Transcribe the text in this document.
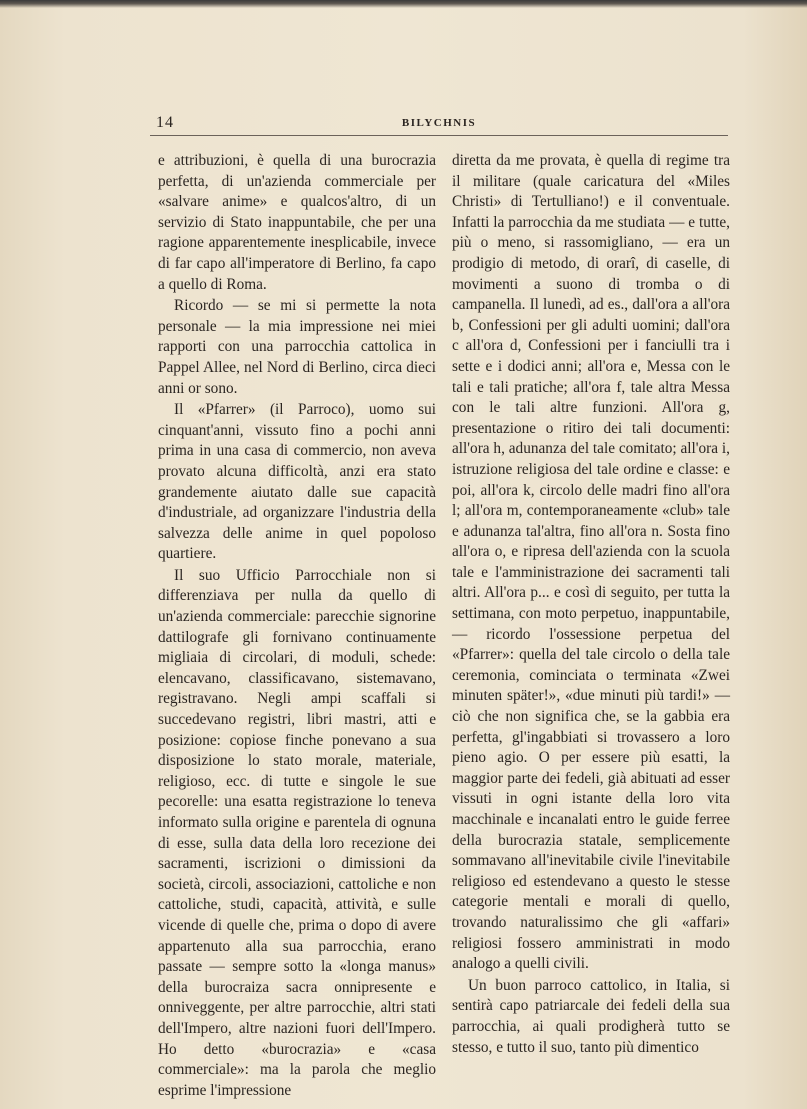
14	BILYCHNIS

e attribuzioni, è quella di una burocrazia perfetta, di un'azienda commerciale per «salvare anime» e qualcos'altro, di un servizio di Stato inappuntabile, che per una ragione apparentemente inesplicabile, invece di far capo all'imperatore di Berlino, fa capo a quello di Roma.

Ricordo — se mi si permette la nota personale — la mia impressione nei miei rapporti con una parrocchia cattolica in Pappel Allee, nel Nord di Berlino, circa dieci anni or sono.

Il «Pfarrer» (il Parroco), uomo sui cinquant'anni, vissuto fino a pochi anni prima in una casa di commercio, non aveva provato alcuna difficoltà, anzi era stato grandemente aiutato dalle sue capacità d'industriale, ad organizzare l'industria della salvezza delle anime in quel popoloso quartiere.

Il suo Ufficio Parrocchiale non si differenziava per nulla da quello di un'azienda commerciale: parecchie signorine dattilografe gli fornivano continuamente migliaia di circolari, di moduli, schede: elencavano, classificavano, sistemavano, registravano. Negli ampi scaffali si succedevano registri, libri mastri, atti e posizione: copiose finche ponevano a sua disposizione lo stato morale, materiale, religioso, ecc. di tutte e singole le sue pecorelle: una esatta registrazione lo teneva informato sulla origine e parentela di ognuna di esse, sulla data della loro recezione dei sacramenti, iscrizioni o dimissioni da società, circoli, associazioni, cattoliche e non cattoliche, studi, capacità, attività, e sulle vicende di quelle che, prima o dopo di avere appartenuto alla sua parrocchia, erano passate — sempre sotto la «longa manus» della burocraiza sacra onnipresente e onniveggente, per altre parrocchie, altri stati dell'Impero, altre nazioni fuori dell'Impero. Ho detto «burocrazia» e «casa commerciale»: ma la parola che meglio esprime l'impressione

diretta da me provata, è quella di regime tra il militare (quale caricatura del «Miles Christi» di Tertulliano!) e il conventuale. Infatti la parrocchia da me studiata — e tutte, più o meno, si rassomigliano, — era un prodigio di metodo, di orarî, di caselle, di movimenti a suono di tromba o di campanella. Il lunedì, ad es., dall'ora a all'ora b, Confessioni per gli adulti uomini; dall'ora c all'ora d, Confessioni per i fanciulli tra i sette e i dodici anni; all'ora e, Messa con le tali e tali pratiche; all'ora f, tale altra Messa con le tali altre funzioni. All'ora g, presentazione o ritiro dei tali documenti: all'ora h, adunanza del tale comitato; all'ora i, istruzione religiosa del tale ordine e classe: e poi, all'ora k, circolo delle madri fino all'ora l; all'ora m, contemporaneamente «club» tale e adunanza tal'altra, fino all'ora n. Sosta fino all'ora o, e ripresa dell'azienda con la scuola tale e l'amministrazione dei sacramenti tali altri. All'ora p... e così di seguito, per tutta la settimana, con moto perpetuo, inappuntabile, — ricordo l'ossessione perpetua del «Pfarrer»: quella del tale circolo o della tale ceremonia, cominciata o terminata «Zwei minuten später!», «due minuti più tardi!» — ciò che non significa che, se la gabbia era perfetta, gl'ingabbiati si trovassero a loro pieno agio. O per essere più esatti, la maggior parte dei fedeli, già abituati ad esser vissuti in ogni istante della loro vita macchinale e incanalati entro le guide ferree della burocrazia statale, semplicemente sommavano all'inevitabile civile l'inevitabile religioso ed estendevano a questo le stesse categorie mentali e morali di quello, trovando naturalissimo che gli «affari» religiosi fossero amministrati in modo analogo a quelli civili.

Un buon parroco cattolico, in Italia, si sentirà capo patriarcale dei fedeli della sua parrocchia, ai quali prodigherà tutto se stesso, e tutto il suo, tanto più dimentico
